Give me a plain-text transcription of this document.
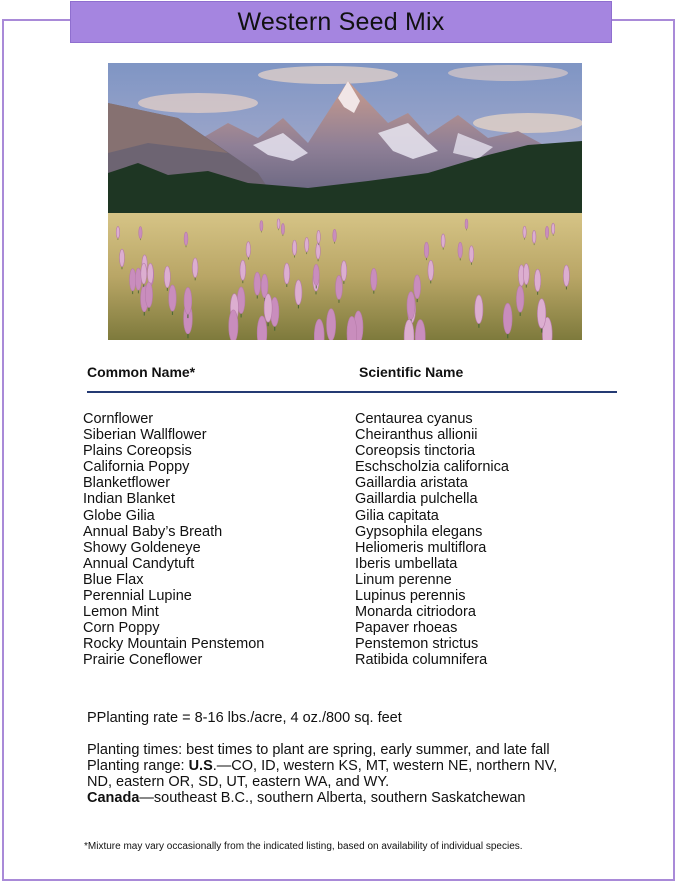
Western Seed Mix
Common Name*	Scientific Name
Cornflower
Siberian Wallflower
Plains Coreopsis
California Poppy
Blanketflower
Indian Blanket
Globe Gilia
Annual Baby’s Breath
Showy Goldeneye
Annual Candytuft
Blue Flax
Perennial Lupine
Lemon Mint
Corn Poppy
Rocky Mountain Penstemon
Prairie Coneflower
Centaurea cyanus
Cheiranthus allionii
Coreopsis tinctoria
Eschscholzia californica
Gaillardia aristata
Gaillardia pulchella
Gilia capitata
Gypsophila elegans
Heliomeris multiflora
Iberis umbellata
Linum perenne
Lupinus perennis
Monarda citriodora
Papaver rhoeas
Penstemon strictus
Ratibida columnifera

PPlanting rate = 8-16 lbs./acre, 4 oz./800 sq. feet

Planting times: best times to plant are spring, early summer, and late fall
Planting range: U.S.—CO, ID, western KS, MT, western NE, northern NV,
ND, eastern OR, SD, UT, eastern WA, and WY.
Canada—southeast B.C., southern Alberta, southern Saskatchewan

*Mixture may vary occasionally from the indicated listing, based on availability of individual species.
